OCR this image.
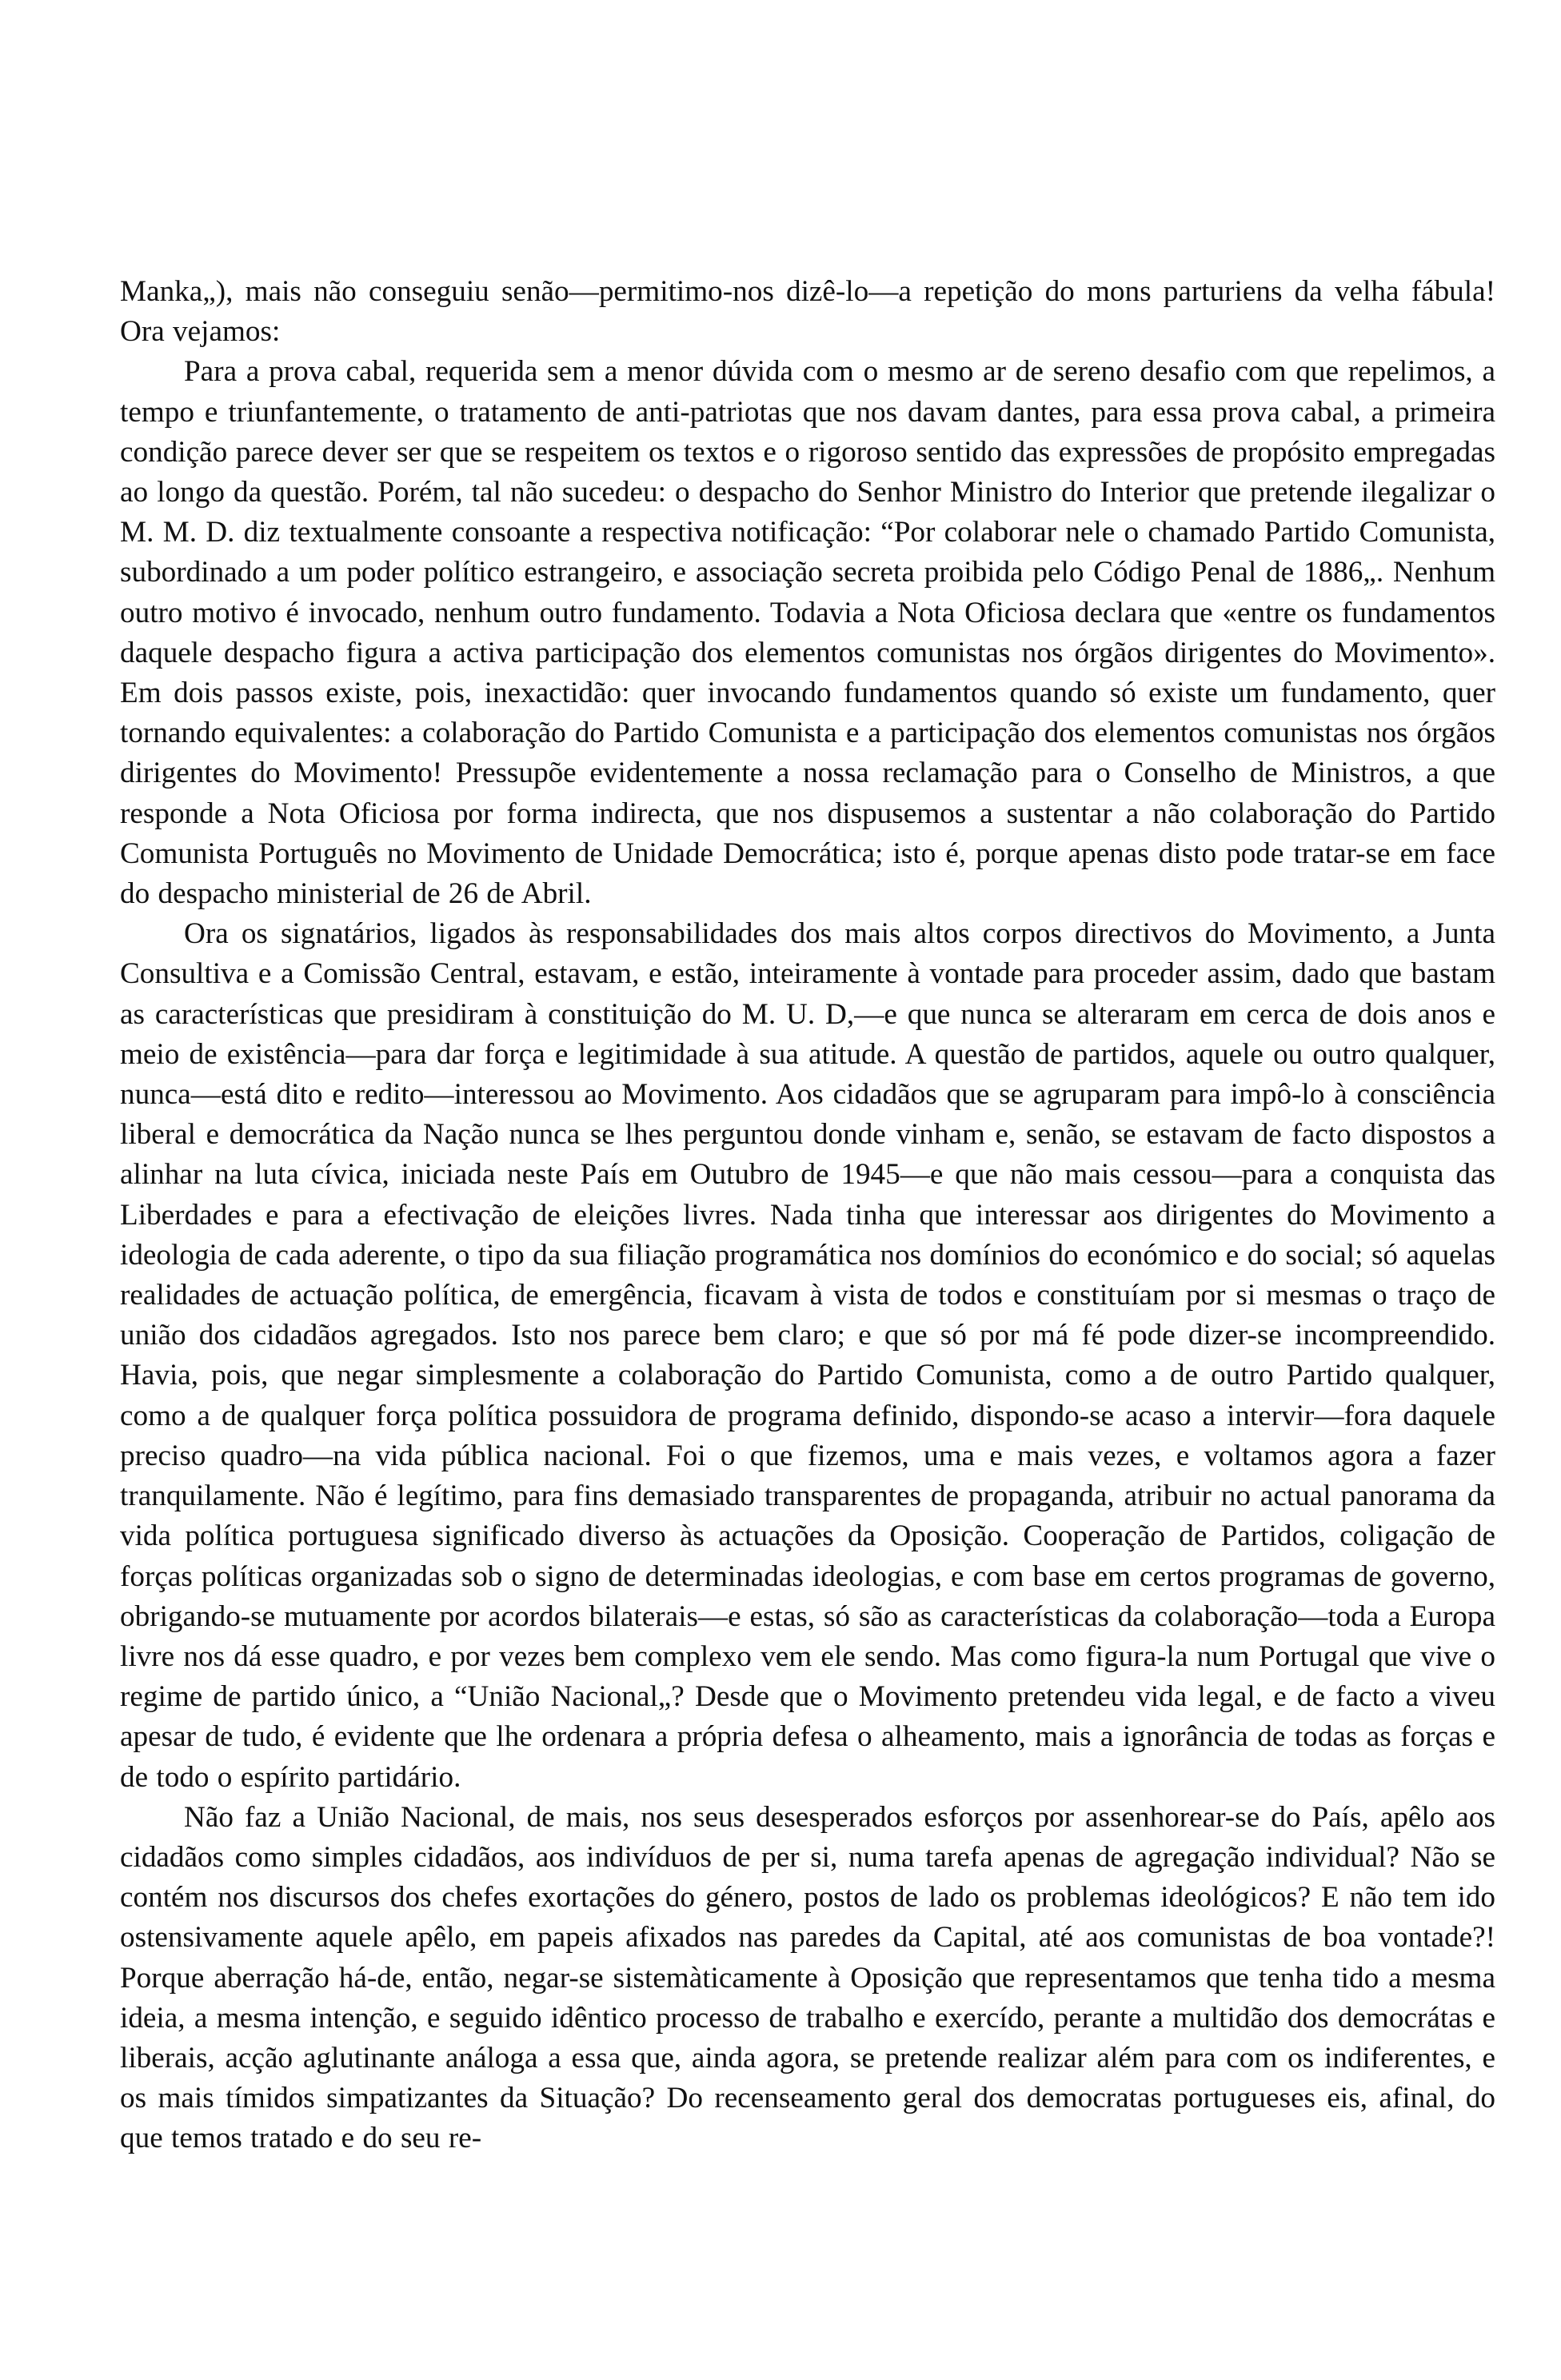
Manka„), mais não conseguiu senão—permitimo-nos dizê-lo—a repetição do mons parturiens da velha fábula! Ora vejamos:

Para a prova cabal, requerida sem a menor dúvida com o mesmo ar de sereno desafio com que repelimos, a tempo e triunfantemente, o tratamento de anti-patriotas que nos davam dantes, para essa prova cabal, a primeira condição parece dever ser que se respeitem os textos e o rigoroso sentido das expressões de propósito empregadas ao longo da questão. Porém, tal não sucedeu: o despacho do Senhor Ministro do Interior que pretende ilegalizar o M. M. D. diz textualmente consoante a respectiva notificação: “Por colaborar nele o chamado Partido Comunista, subordinado a um poder político estrangeiro, e associação secreta proibida pelo Código Penal de 1886„. Nenhum outro motivo é invocado, nenhum outro fundamento. Todavia a Nota Oficiosa declara que «entre os fundamentos daquele despacho figura a activa participação dos elementos comunistas nos órgãos dirigentes do Movimento». Em dois passos existe, pois, inexactidão: quer invocando fundamentos quando só existe um fundamento, quer tornando equivalentes: a colaboração do Partido Comunista e a participação dos elementos comunistas nos órgãos dirigentes do Movimento! Pressupõe evidentemente a nossa reclamação para o Conselho de Ministros, a que responde a Nota Oficiosa por forma indirecta, que nos dispusemos a sustentar a não colaboração do Partido Comunista Português no Movimento de Unidade Democrática; isto é, porque apenas disto pode tratar-se em face do despacho ministerial de 26 de Abril.

Ora os signatários, ligados às responsabilidades dos mais altos corpos directivos do Movimento, a Junta Consultiva e a Comissão Central, estavam, e estão, inteiramente à vontade para proceder assim, dado que bastam as características que presidiram à constituição do M. U. D,—e que nunca se alteraram em cerca de dois anos e meio de existência—para dar força e legitimidade à sua atitude. A questão de partidos, aquele ou outro qualquer, nunca—está dito e redito—interessou ao Movimento. Aos cidadãos que se agruparam para impô-lo à consciência liberal e democrática da Nação nunca se lhes perguntou donde vinham e, senão, se estavam de facto dispostos a alinhar na luta cívica, iniciada neste País em Outubro de 1945—e que não mais cessou—para a conquista das Liberdades e para a efectivação de eleições livres. Nada tinha que interessar aos dirigentes do Movimento a ideologia de cada aderente, o tipo da sua filiação programática nos domínios do económico e do social; só aquelas realidades de actuação política, de emergência, ficavam à vista de todos e constituíam por si mesmas o traço de união dos cidadãos agregados. Isto nos parece bem claro; e que só por má fé pode dizer-se incompreendido. Havia, pois, que negar simplesmente a colaboração do Partido Comunista, como a de outro Partido qualquer, como a de qualquer força política possuidora de programa definido, dispondo-se acaso a intervir—fora daquele preciso quadro—na vida pública nacional. Foi o que fizemos, uma e mais vezes, e voltamos agora a fazer tranquilamente. Não é legítimo, para fins demasiado transparentes de propaganda, atribuir no actual panorama da vida política portuguesa significado diverso às actuações da Oposição. Cooperação de Partidos, coligação de forças políticas organizadas sob o signo de determinadas ideologias, e com base em certos programas de governo, obrigando-se mutuamente por acordos bilaterais—e estas, só são as características da colaboração—toda a Europa livre nos dá esse quadro, e por vezes bem complexo vem ele sendo. Mas como figura-la num Portugal que vive o regime de partido único, a “União Nacional„? Desde que o Movimento pretendeu vida legal, e de facto a viveu apesar de tudo, é evidente que lhe ordenara a própria defesa o alheamento, mais a ignorância de todas as forças e de todo o espírito partidário.

Não faz a União Nacional, de mais, nos seus desesperados esforços por assenhorear-se do País, apêlo aos cidadãos como simples cidadãos, aos indivíduos de per si, numa tarefa apenas de agregação individual? Não se contém nos discursos dos chefes exortações do género, postos de lado os problemas ideológicos? E não tem ido ostensivamente aquele apêlo, em papeis afixados nas paredes da Capital, até aos comunistas de boa vontade?! Porque aberração há-de, então, negar-se sistemàticamente à Oposição que representamos que tenha tido a mesma ideia, a mesma intenção, e seguido idêntico processo de trabalho e exercído, perante a multidão dos democrátas e liberais, acção aglutinante análoga a essa que, ainda agora, se pretende realizar além para com os indiferentes, e os mais tímidos simpatizantes da Situação? Do recenseamento geral dos democratas portugueses eis, afinal, do que temos tratado e do seu re-
